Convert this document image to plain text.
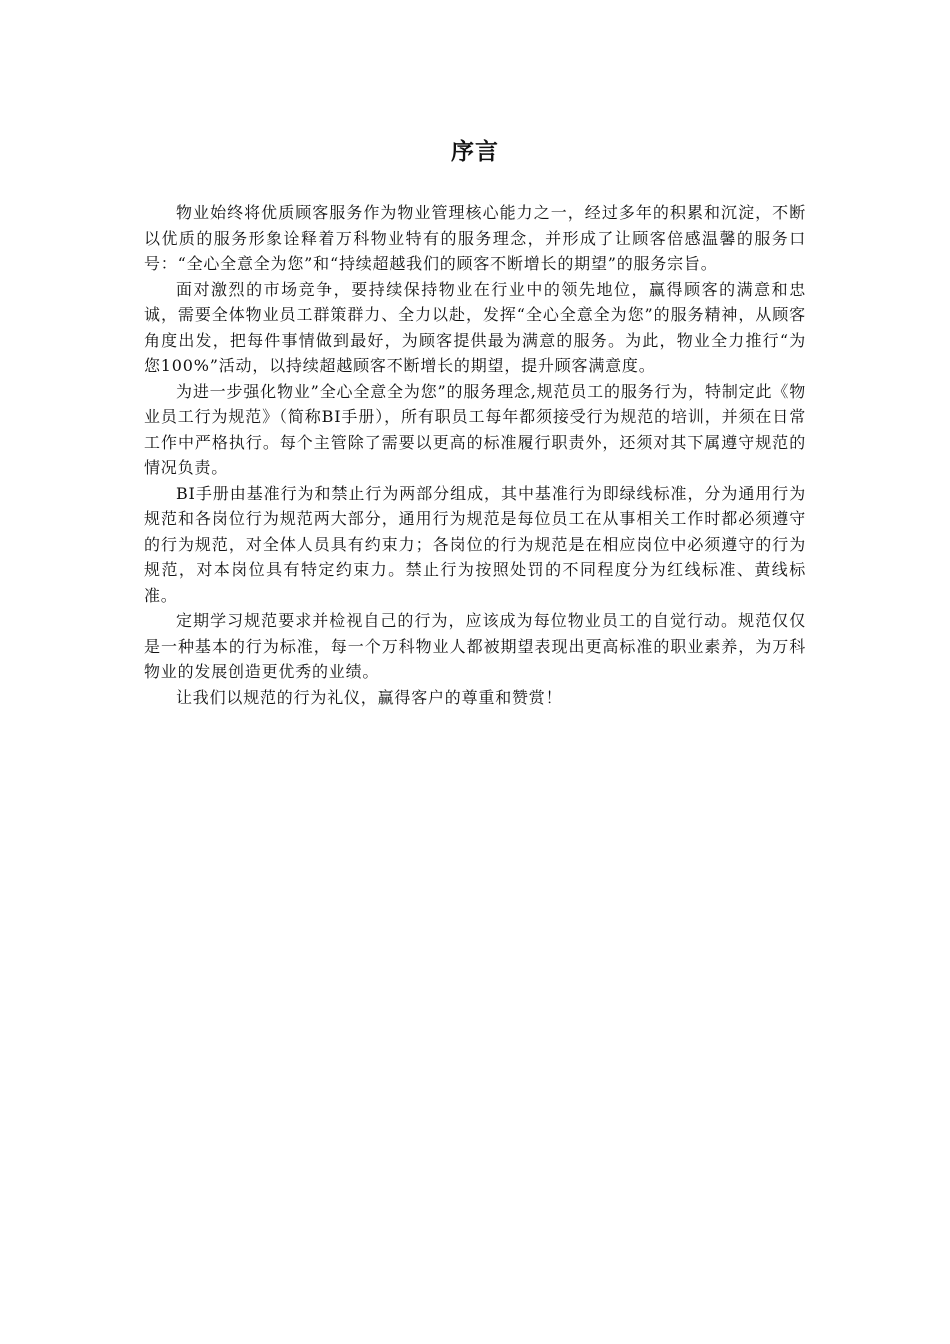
序言

物业始终将优质顾客服务作为物业管理核心能力之一，经过多年的积累和沉淀，不断以优质的服务形象诠释着万科物业特有的服务理念，并形成了让顾客倍感温馨的服务口号：“全心全意全为您”和“持续超越我们的顾客不断增长的期望”的服务宗旨。

面对激烈的市场竞争，要持续保持物业在行业中的领先地位，赢得顾客的满意和忠诚，需要全体物业员工群策群力、全力以赴，发挥“全心全意全为您”的服务精神，从顾客角度出发，把每件事情做到最好，为顾客提供最为满意的服务。为此，物业全力推行“为您100%”活动，以持续超越顾客不断增长的期望，提升顾客满意度。

为进一步强化物业”全心全意全为您”的服务理念,规范员工的服务行为，特制定此《物业员工行为规范》（简称BI手册），所有职员工每年都须接受行为规范的培训，并须在日常工作中严格执行。每个主管除了需要以更高的标准履行职责外，还须对其下属遵守规范的情况负责。

BI手册由基准行为和禁止行为两部分组成，其中基准行为即绿线标准，分为通用行为规范和各岗位行为规范两大部分，通用行为规范是每位员工在从事相关工作时都必须遵守的行为规范，对全体人员具有约束力；各岗位的行为规范是在相应岗位中必须遵守的行为规范，对本岗位具有特定约束力。禁止行为按照处罚的不同程度分为红线标准、黄线标准。

定期学习规范要求并检视自己的行为，应该成为每位物业员工的自觉行动。规范仅仅是一种基本的行为标准，每一个万科物业人都被期望表现出更高标准的职业素养，为万科物业的发展创造更优秀的业绩。

让我们以规范的行为礼仪，赢得客户的尊重和赞赏！
